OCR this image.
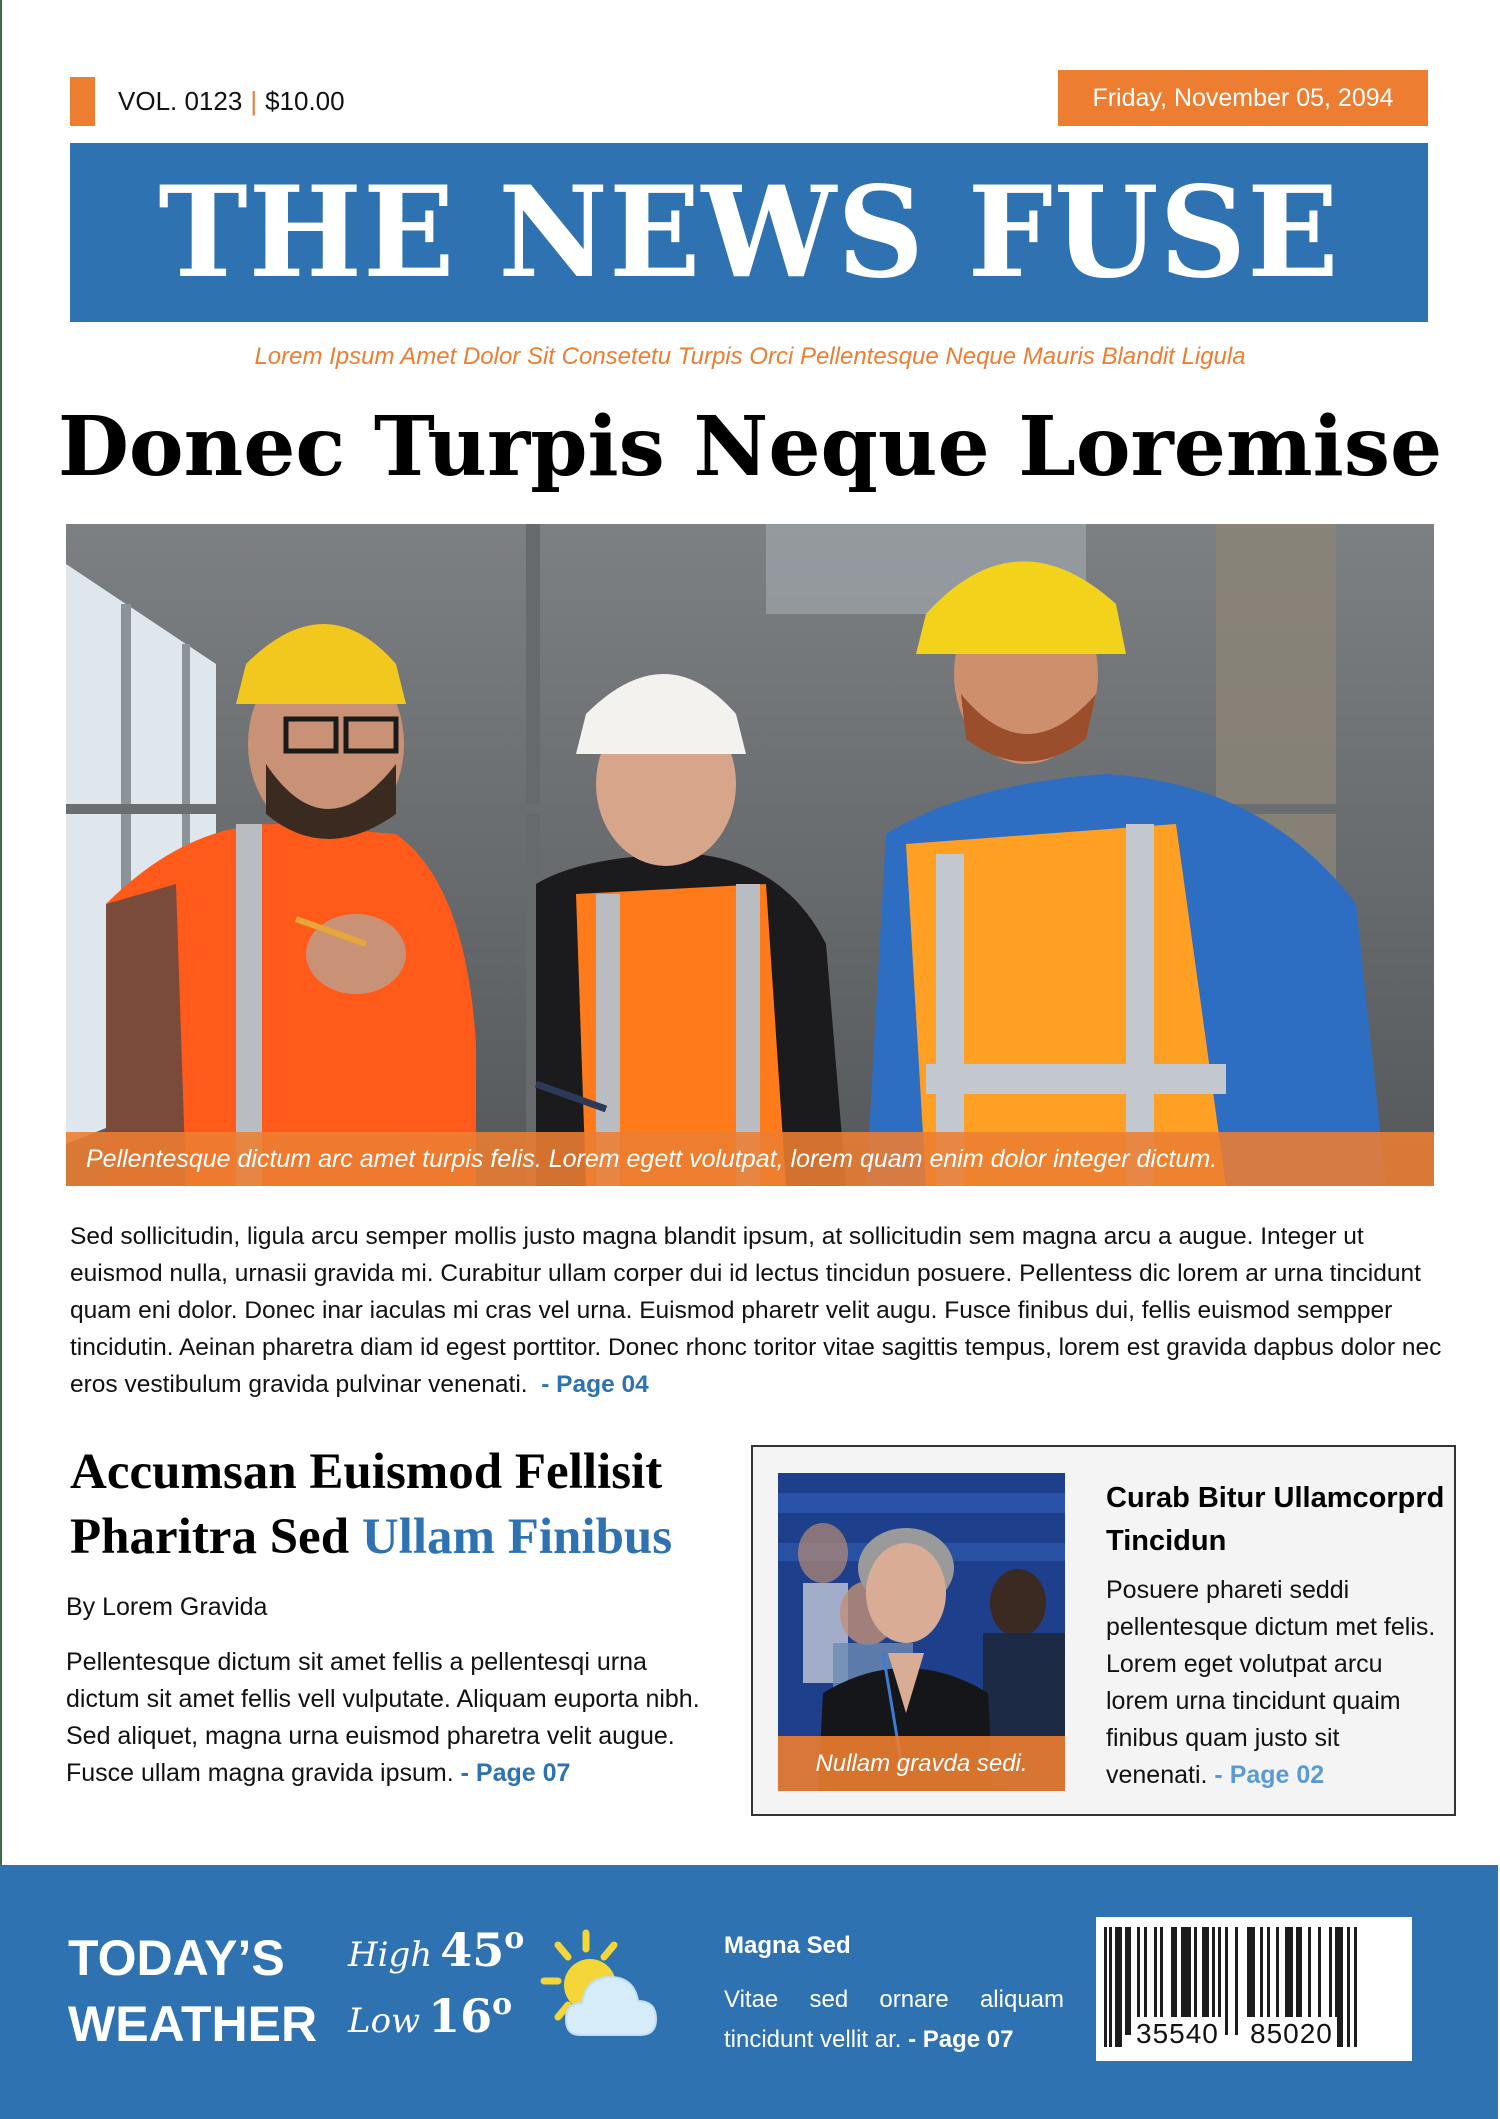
VOL. 0123 | $10.00	Friday, November 05, 2094
THE NEWS FUSE
Lorem Ipsum Amet Dolor Sit Consetetu Turpis Orci Pellentesque Neque Mauris Blandit Ligula
Donec Turpis Neque Loremise
Pellentesque dictum arc amet turpis felis. Lorem egett volutpat, lorem quam enim dolor integer dictum.
Sed sollicitudin, ligula arcu semper mollis justo magna blandit ipsum, at sollicitudin sem magna arcu a augue. Integer ut euismod nulla, urnasii gravida mi. Curabitur ullam corper dui id lectus tincidun posuere. Pellentess dic lorem ar urna tincidunt quam eni dolor. Donec inar iaculas mi cras vel urna. Euismod pharetr velit augu. Fusce finibus dui, fellis euismod sempper tincidutin. Aeinan pharetra diam id egest porttitor. Donec rhonc toritor vitae sagittis tempus, lorem est gravida dapbus dolor nec eros vestibulum gravida pulvinar venenati. - Page 04
Accumsan Euismod Fellisit
Pharitra Sed Ullam Finibus
By Lorem Gravida
Pellentesque dictum sit amet fellis a pellentesqi urna dictum sit amet fellis vell vulputate. Aliquam euporta nibh. Sed aliquet, magna urna euismod pharetra velit augue. Fusce ullam magna gravida ipsum. - Page 07	Nullam gravda sedi.
Curab Bitur Ullamcorprd Tincidun
Posuere phareti seddi pellentesque dictum met felis. Lorem eget volutpat arcu lorem urna tincidunt quaim finibus quam justo sit venenati. - Page 02
TODAY’S
WEATHER
High 45 o
Low 16 o
Magna Sed
Vitae sed ornare aliquam tincidunt vellit ar. - Page 07	35540 85020
